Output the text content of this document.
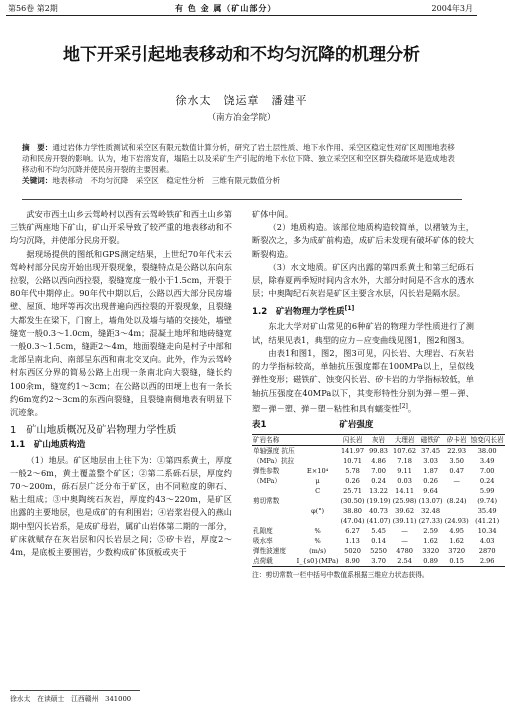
第56卷 第2期	有 色 金 属（矿山部分）	2004年3月
地下开采引起地表移动和不均匀沉降的机理分析
徐水太　饶运章　潘建平
（南方冶金学院）

摘　要：通过岩体力学性质测试和采空区有限元数值计算分析，研究了岩土层性质、地下水作用、采空区稳定性对矿区周围地表移动和民房开裂的影响。认为，地下岩溶发育，塌陷土以及采矿生产引起的地下水位下降、独立采空区和空区群失稳破坏是造成地表移动和不均匀沉降并使民房开裂的主要因素。

关键词：地表移动　不均匀沉降　采空区　稳定性分析　三维有限元数值分析

武安市西土山乡云驾岭村以西有云驾岭铁矿和西土山乡第三铁矿两座地下矿山，矿山开采导致了较严重的地表移动和不均匀沉降，并使部分民房开裂。

据现场提供的图纸和GPS测定结果，上世纪70年代末云驾岭村部分民房开始出现开裂现象，裂缝特点是公路以东向东拉裂，公路以西向西拉裂，裂缝宽度一般小于1.5cm，开裂于80年代中期停止。90年代中期以后，公路以西大部分民房墙壁、屋顶、地坪等再次出现普遍向西拉裂的开裂现象，且裂缝大都发生在梁下，门窗上，墙角处以及墙与墙的交接处，墙壁缝宽一般0.3～1.0cm，缝距3～4m；混凝土地坪和地砖缝宽一般0.3～1.5cm，缝距2～4m，地面裂缝走向是村子中部和北部呈南北向、南部呈东西和南北交叉向。此外，作为云驾岭村东西区分界的简易公路上出现一条南北向大裂缝，缝长约100余m，缝宽约1～3cm；在公路以西的田埂上也有一条长约6m宽约2～3cm的东西向裂缝，且裂缝南侧地表有明显下沉迹象。

1　矿山地质概况及矿岩物理力学性质
1.1　矿山地质构造

（1）地层。矿区地层由上往下为：①第四系黄土，厚度一般2～6m，黄土覆盖整个矿区；②第二系砾石层，厚度约70～200m，砾石层广泛分布于矿区，由不同粒度的卵石、粘土组成；③中奥陶统石灰岩，厚度约43～220m，是矿区出露的主要地层，也是成矿的有利围岩；④岩浆岩侵入的燕山期中型闪长岩系，是成矿母岩，属矿山岩体第二期的一部分，矿床就赋存在灰岩层和闪长岩层之间；⑤矽卡岩，厚度2～4m，是底板主要围岩，少数构成矿体顶板或夹于

矿体中间。

（2）地质构造。该部位地质构造较简单，以褶皱为主，断裂次之，多为成矿前构造，成矿后未发现有破坏矿体的较大断裂构造。

（3）水文地质。矿区内出露的第四系黄土和第三纪砾石层，除春夏两季短时间内含水外，大部分时间是不含水的透水层；中奥陶纪石灰岩是矿区主要含水层，闪长岩是隔水层。

1.2　矿岩物理力学性质[1]

东北大学对矿山常见的6种矿岩的物理力学性质进行了测试，结果见表1，典型的应力－应变曲线见图1，图2和图3。

由表1和图1，图2，图3可见，闪长岩、大理岩、石灰岩的力学指标较高，单轴抗压强度都在100MPa以上，呈似线弹性变形；磁铁矿、蚀变闪长岩、矽卡岩的力学指标较低，单轴抗压强度在40MPa以下，其变形特性分别为弹－塑－弹、塑－弹－塑、弹－塑－粘性和具有蠕变性[2]。

表1	矿岩强度
矿岩名称		闪长岩	灰岩	大理岩	磁铁矿	矽卡岩	蚀变闪长岩
单轴强度 抗压		141.97	99.83	107.62	37.45	22.93	38.00
（MPa）抗拉		10.71	4.86	7.18	3.03	3.50	3.49
弹性参数	E×10⁴	5.78	7.00	9.11	1.87	0.47	7.00
（MPa）	μ	0.26	0.24	0.03	0.26	—	0.24
	C	25.71	13.22	14.11	9.64		5.99
剪切常数		(30.50)	(19.19)	(25.98)	(13.07)	(8.24)	(9.74)
	φ(°)	38.80	40.73	39.62	32.48		35.49
		(47.04)	(41.07)	(39.11)	(27.33)	(24.93)	(41.21)
孔隙度	%	6.27	5.45	—	2.59	4.95	10.34
吸水率	%	1.13	0.14	—	1.62	1.62	4.03
弹性波速度	(m/s)	5020	5250	4780	3320	3720	2870
点荷载	I_{s0}(MPa)	8.90	3.70	2.54	0.89	0.15	2.96
注：剪切常数一栏中括号中数值系根据三维应力状态获得。
徐水太　在读硕士　江西赣州　341000
